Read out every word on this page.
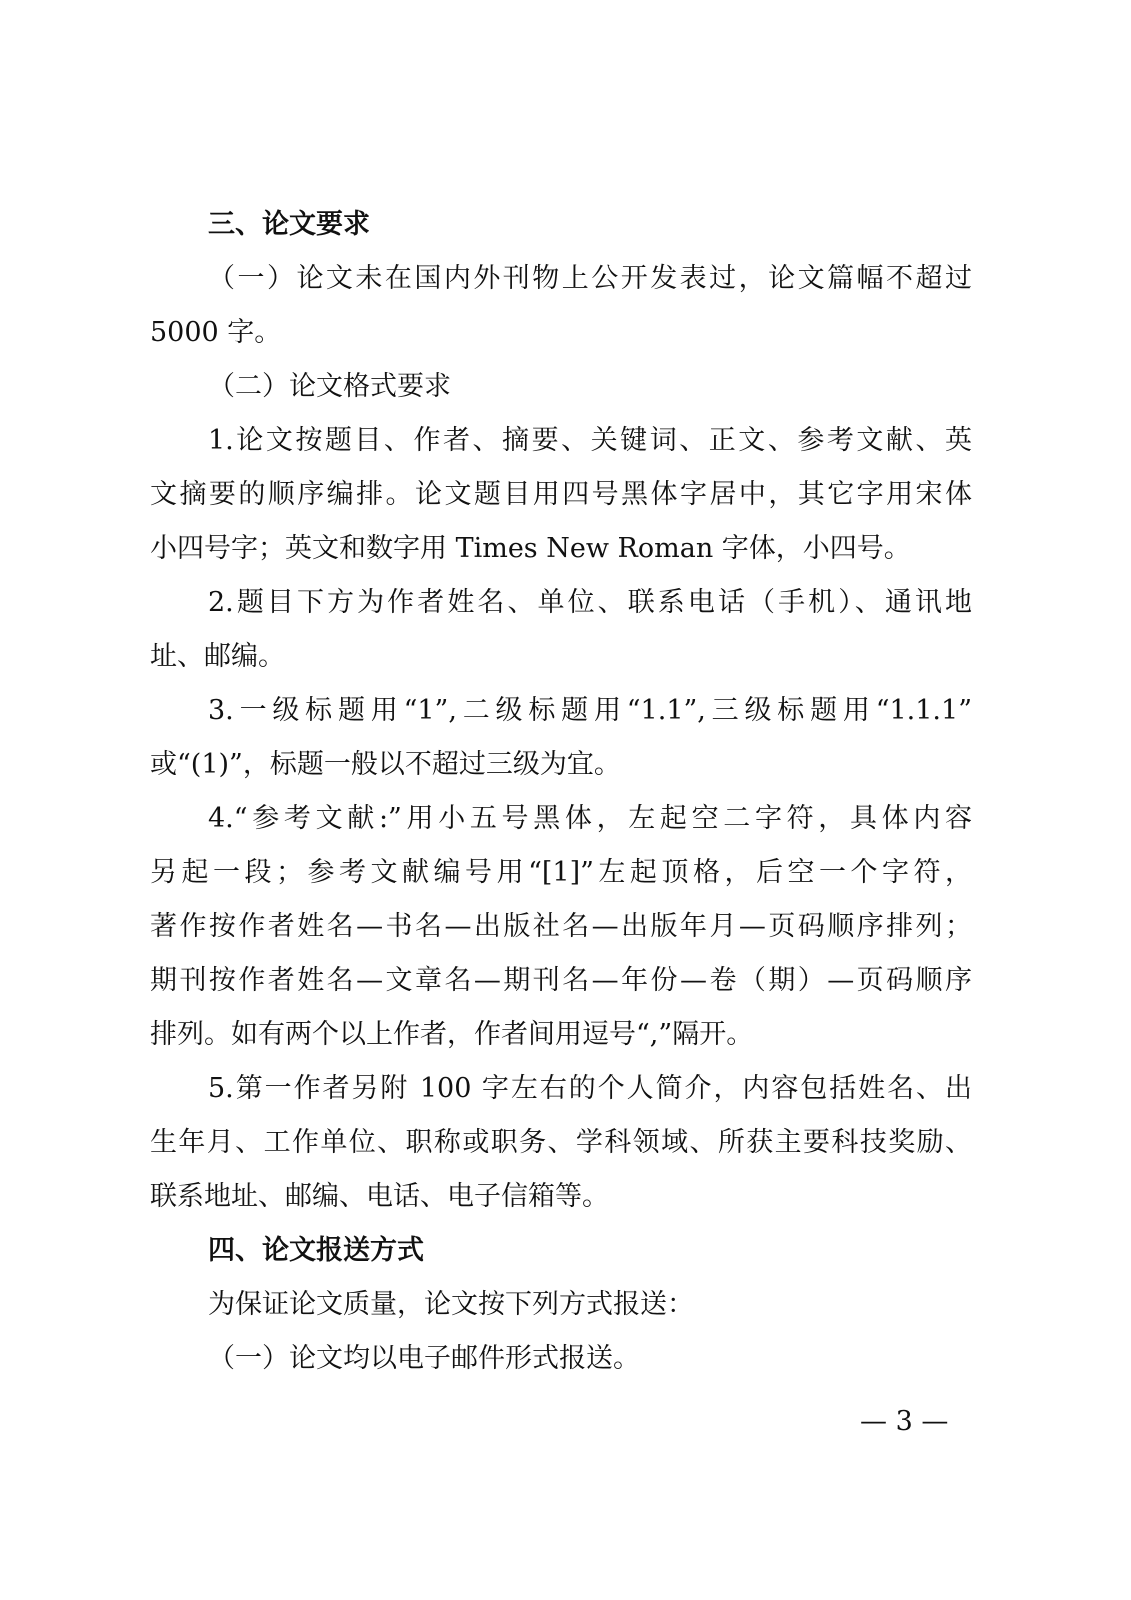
三、论文要求
（一）论文未在国内外刊物上公开发表过，论文篇幅不超过
5000 字。
（二）论文格式要求
1.论文按题目、作者、摘要、关键词、正文、参考文献、英
文摘要的顺序编排。论文题目用四号黑体字居中，其它字用宋体
小四号字；英文和数字用 Times New Roman 字体，小四号。
2.题目下方为作者姓名、单位、联系电话（手机）、通讯地
址、邮编。
3.一级标题用“1”,二级标题用“1.1”,三级标题用“1.1.1”
或“(1)”，标题一般以不超过三级为宜。
4.“参考文献:”用小五号黑体，左起空二字符，具体内容
另起一段；参考文献编号用“[1]”左起顶格，后空一个字符，
著作按作者姓名—书名—出版社名—出版年月—页码顺序排列；
期刊按作者姓名—文章名—期刊名—年份—卷（期）—页码顺序
排列。如有两个以上作者，作者间用逗号“,”隔开。
5.第一作者另附 100 字左右的个人简介，内容包括姓名、出
生年月、工作单位、职称或职务、学科领域、所获主要科技奖励、
联系地址、邮编、电话、电子信箱等。
四、论文报送方式
为保证论文质量，论文按下列方式报送：
（一）论文均以电子邮件形式报送。
— 3 —
